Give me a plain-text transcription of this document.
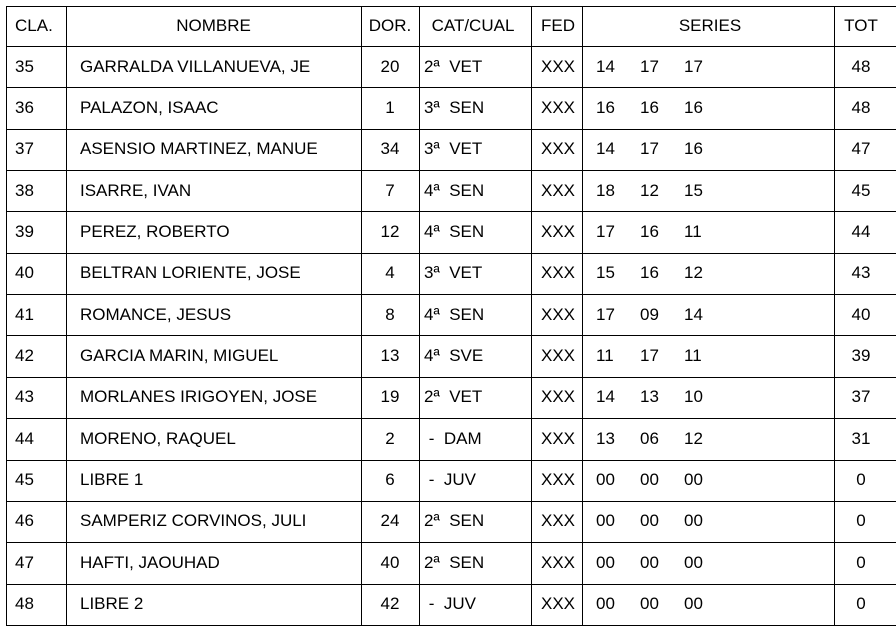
CLA.	NOMBRE	DOR.	CAT/CUAL	FED	SERIES	TOT
35	GARRALDA VILLANUEVA, JE	20	2ª  VET	XXX	14	17	17	48
36	PALAZON, ISAAC	1	3ª  SEN	XXX	16	16	16	48
37	ASENSIO MARTINEZ, MANUE	34	3ª  VET	XXX	14	17	16	47
38	ISARRE, IVAN	7	4ª  SEN	XXX	18	12	15	45
39	PEREZ, ROBERTO	12	4ª  SEN	XXX	17	16	11	44
40	BELTRAN LORIENTE, JOSE	4	3ª  VET	XXX	15	16	12	43
41	ROMANCE, JESUS	8	4ª  SEN	XXX	17	09	14	40
42	GARCIA MARIN, MIGUEL	13	4ª  SVE	XXX	11	17	11	39
43	MORLANES IRIGOYEN, JOSE	19	2ª  VET	XXX	14	13	10	37
44	MORENO, RAQUEL	2	-  DAM	XXX	13	06	12	31
45	LIBRE 1	6	-  JUV	XXX	00	00	00	0
46	SAMPERIZ CORVINOS, JULI	24	2ª  SEN	XXX	00	00	00	0
47	HAFTI, JAOUHAD	40	2ª  SEN	XXX	00	00	00	0
48	LIBRE 2	42	-  JUV	XXX	00	00	00	0
